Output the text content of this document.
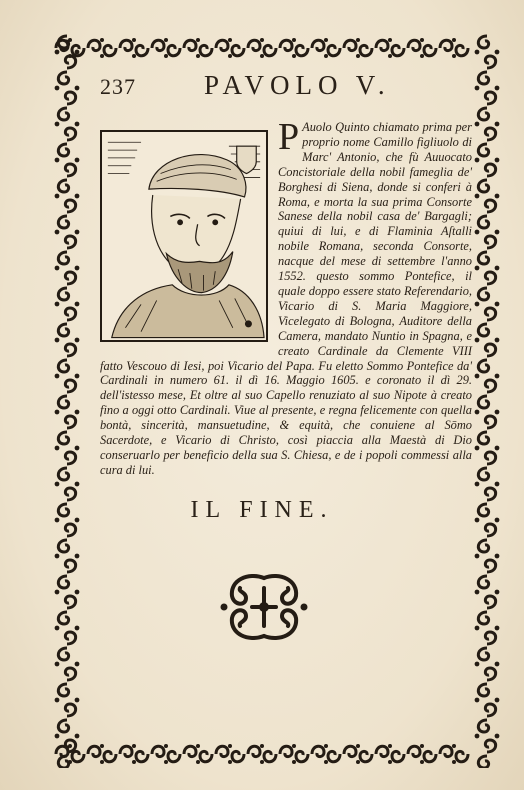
237	PAVOLO V.
P Auolo Quinto chiamato prima per proprio nome Camillo figliuolo di Marc' Antonio, che fù Auuocato Concistoriale della nobil fameglia de' Borghesi di Siena, donde si conferi à Roma, e morta la sua prima Consorte Sanese della nobil casa de' Bargagli; quiui di lui, e di Flaminia Aſtalli nobile Romana, seconda Consorte, nacque del mese di settembre l'anno 1552. questo sommo Pontefice, il quale doppo essere stato Referendario, Vicario di S. Maria Maggiore, Vicelegato di Bologna, Auditore della Camera, mandato Nuntio in Spagna, e creato Cardinale da Clemente VIII fatto Vescouo di Iesi, poi Vicario del Papa. Fu eletto Sommo Pontefice da' Cardinali in numero 61. il dì 16. Maggio 1605. e coronato il dì 29. dell'istesso mese, Et oltre al suo Capello renuziato al suo Nipote à creato fino a oggi otto Cardinali. Viue al presente, e regna felicemente con quella bontà, sincerità, mansuetudine, & equità, che conuiene al Sōmo Sacerdote, e Vicario di Christo, così piaccia alla Maestà di Dio conseruarlo per beneficio della sua S. Chiesa, e de i popoli commessi alla cura di lui.
IL FINE.
